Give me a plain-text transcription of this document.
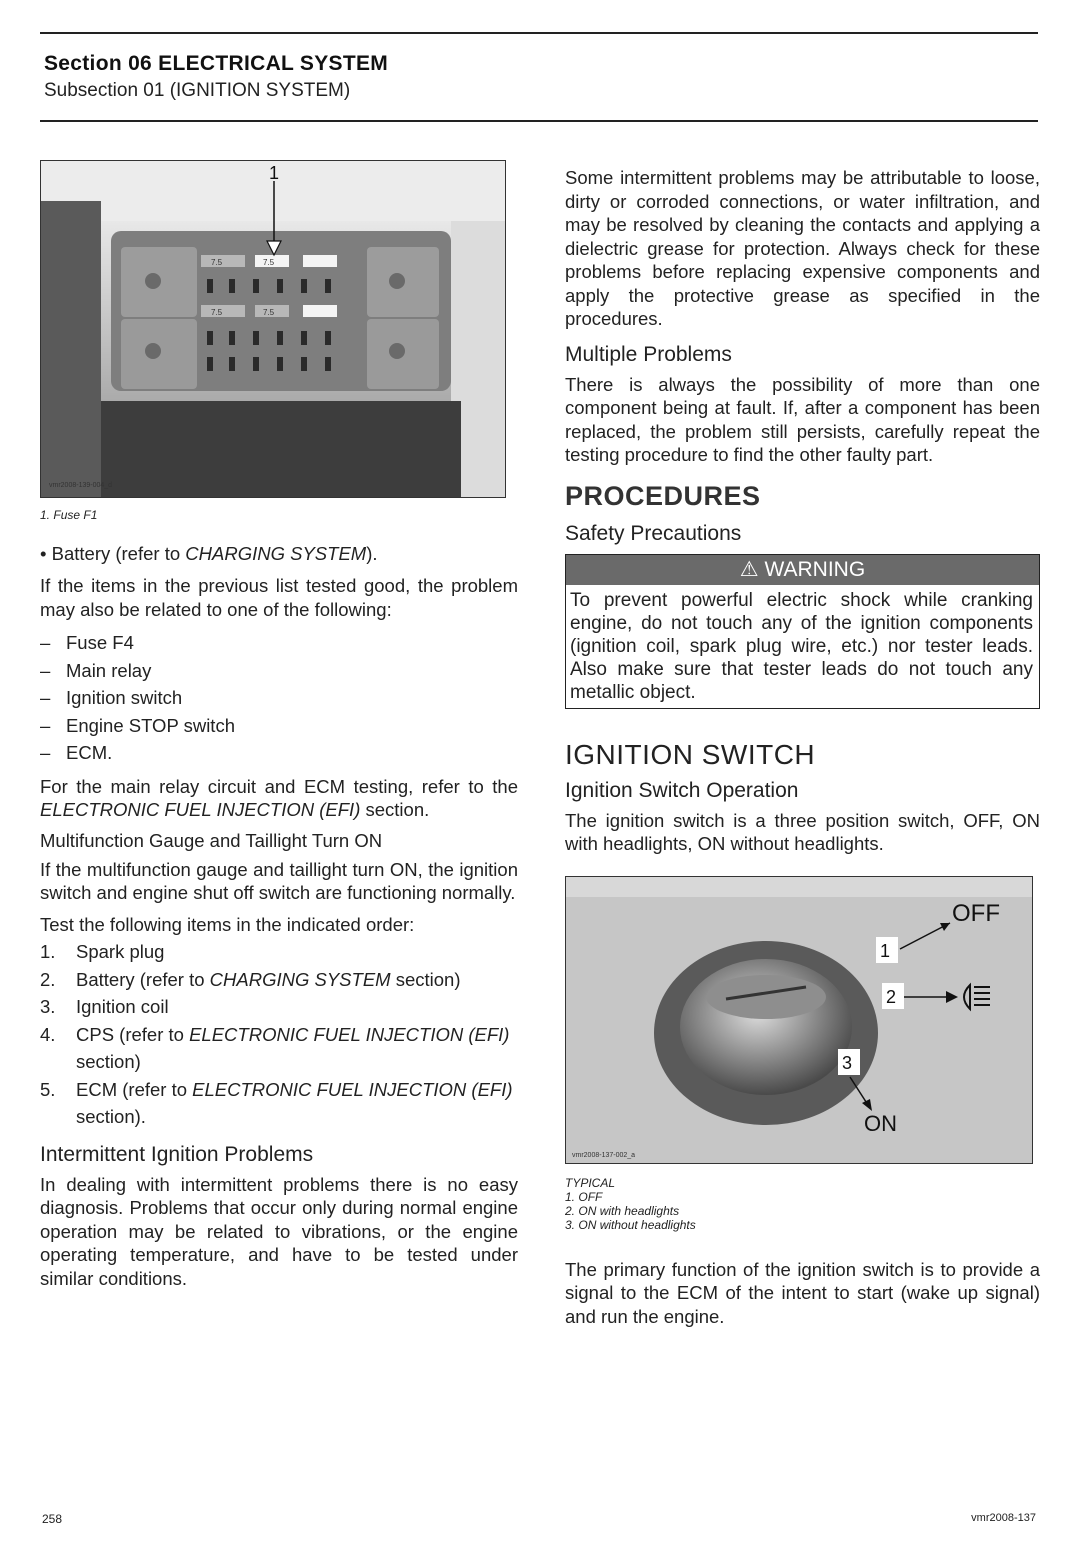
Section 06 ELECTRICAL SYSTEM
Subsection 01 (IGNITION SYSTEM)
7.5
7.5	7.5
7.5
1
vmr2008-139-004_d

1. Fuse F1

• Battery (refer to CHARGING SYSTEM).

If the items in the previous list tested good, the problem may also be related to one of the following:

– Fuse F4
– Main relay
– Ignition switch
– Engine STOP switch
– ECM.

For the main relay circuit and ECM testing, refer to the ELECTRONIC FUEL INJECTION (EFI) section.

Multifunction Gauge and Taillight Turn ON

If the multifunction gauge and taillight turn ON, the ignition switch and engine shut off switch are functioning normally.

Test the following items in the indicated order:

1. Spark plug
2. Battery (refer to CHARGING SYSTEM section)
3. Ignition coil
4. CPS (refer to ELECTRONIC FUEL INJECTION (EFI) section)
5. ECM (refer to ELECTRONIC FUEL INJECTION (EFI) section).
Intermittent Ignition Problems

In dealing with intermittent problems there is no easy diagnosis. Problems that occur only during normal engine operation may be related to vibrations, or the engine operating temperature, and have to be tested under similar conditions.

Some intermittent problems may be attributable to loose, dirty or corroded connections, or water infiltration, and may be resolved by cleaning the contacts and applying a dielectric grease for protection. Always check for these problems before replacing expensive components and apply the protective grease as specified in the procedures.

Multiple Problems

There is always the possibility of more than one component being at fault. If, after a component has been replaced, the problem still persists, carefully repeat the testing procedure to find the other faulty part.

PROCEDURES
Safety Precautions
⚠ WARNING
To prevent powerful electric shock while cranking engine, do not touch any of the ignition components (ignition coil, spark plug wire, etc.) nor tester leads. Also make sure that tester leads do not touch any metallic object.
IGNITION SWITCH
Ignition Switch Operation

The ignition switch is a three position switch, OFF, ON with headlights, ON without headlights.

1
OFF
2
3
ON
vmr2008-137-002_a

TYPICAL

1. OFF

2. ON with headlights

3. ON without headlights

The primary function of the ignition switch is to provide a signal to the ECM of the intent to start (wake up signal) and run the engine.

258	vmr2008-137
